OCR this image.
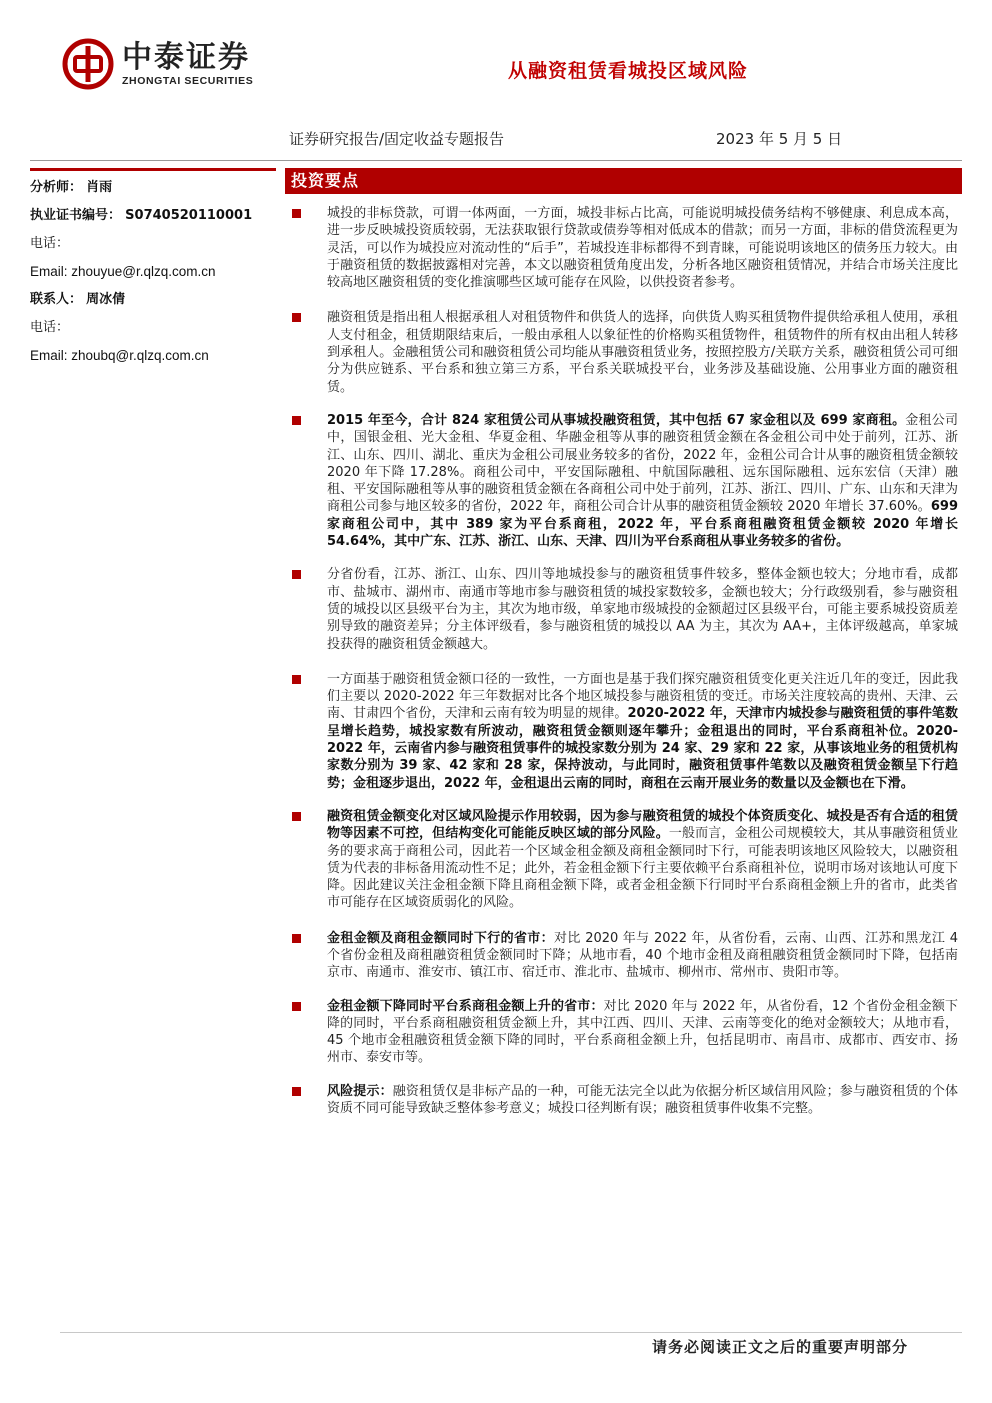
中泰证券
ZHONGTAI SECURITIES	从融资租赁看城投区域风险
证券研究报告/固定收益专题报告	2023 年 5 月 5 日
分析师： 肖雨
执业证书编号： S0740520110001
电话：
Email: zhouyue@r.qlzq.com.cn
联系人： 周冰倩
电话：
Email: zhoubq@r.qlzq.com.cn
投资要点
城投的非标贷款，可谓一体两面，一方面，城投非标占比高，可能说明城投债务结构不够健康、利息成本高，进一步反映城投资质较弱，无法获取银行贷款或债券等相对低成本的借款；而另一方面，非标的借贷流程更为灵活，可以作为城投应对流动性的“后手”，若城投连非标都得不到青睐，可能说明该地区的债务压力较大。由于融资租赁的数据披露相对完善，本文以融资租赁角度出发，分析各地区融资租赁情况，并结合市场关注度比较高地区融资租赁的变化推演哪些区域可能存在风险，以供投资者参考。
融资租赁是指出租人根据承租人对租赁物件和供货人的选择，向供货人购买租赁物件提供给承租人使用，承租人支付租金，租赁期限结束后，一般由承租人以象征性的价格购买租赁物件，租赁物件的所有权由出租人转移到承租人。金融租赁公司和融资租赁公司均能从事融资租赁业务，按照控股方/关联方关系，融资租赁公司可细分为供应链系、平台系和独立第三方系，平台系关联城投平台，业务涉及基础设施、公用事业方面的融资租赁。
2015 年至今，合计 824 家租赁公司从事城投融资租赁，其中包括 67 家金租以及 699 家商租。金租公司中，国银金租、光大金租、华夏金租、华融金租等从事的融资租赁金额在各金租公司中处于前列，江苏、浙江、山东、四川、湖北、重庆为金租公司展业务较多的省份，2022 年，金租公司合计从事的融资租赁金额较 2020 年下降 17.28%。商租公司中，平安国际融租、中航国际融租、远东国际融租、远东宏信（天津）融租、平安国际融租等从事的融资租赁金额在各商租公司中处于前列，江苏、浙江、四川、广东、山东和天津为商租公司参与地区较多的省份，2022 年，商租公司合计从事的融资租赁金额较 2020 年增长 37.60%。699 家商租公司中，其中 389 家为平台系商租，2022 年，平台系商租融资租赁金额较 2020 年增长 54.64%，其中广东、江苏、浙江、山东、天津、四川为平台系商租从事业务较多的省份。
分省份看，江苏、浙江、山东、四川等地城投参与的融资租赁事件较多，整体金额也较大；分地市看，成都市、盐城市、湖州市、南通市等地市参与融资租赁的城投家数较多，金额也较大；分行政级别看，参与融资租赁的城投以区县级平台为主，其次为地市级，单家地市级城投的金额超过区县级平台，可能主要系城投资质差别导致的融资差异；分主体评级看，参与融资租赁的城投以 AA 为主，其次为 AA+，主体评级越高，单家城投获得的融资租赁金额越大。
一方面基于融资租赁金额口径的一致性，一方面也是基于我们探究融资租赁变化更关注近几年的变迁，因此我们主要以 2020-2022 年三年数据对比各个地区城投参与融资租赁的变迁。市场关注度较高的贵州、天津、云南、甘肃四个省份，天津和云南有较为明显的规律。2020-2022 年，天津市内城投参与融资租赁的事件笔数呈增长趋势，城投家数有所波动，融资租赁金额则逐年攀升；金租退出的同时，平台系商租补位。2020-2022 年，云南省内参与融资租赁事件的城投家数分别为 24 家、29 家和 22 家，从事该地业务的租赁机构家数分别为 39 家、42 家和 28 家，保持波动，与此同时，融资租赁事件笔数以及融资租赁金额呈下行趋势；金租逐步退出，2022 年，金租退出云南的同时，商租在云南开展业务的数量以及金额也在下滑。
融资租赁金额变化对区域风险提示作用较弱，因为参与融资租赁的城投个体资质变化、城投是否有合适的租赁物等因素不可控，但结构变化可能能反映区域的部分风险。一般而言，金租公司规模较大，其从事融资租赁业务的要求高于商租公司，因此若一个区域金租金额及商租金额同时下行，可能表明该地区风险较大，以融资租赁为代表的非标备用流动性不足；此外，若金租金额下行主要依赖平台系商租补位，说明市场对该地认可度下降。因此建议关注金租金额下降且商租金额下降，或者金租金额下行同时平台系商租金额上升的省市，此类省市可能存在区域资质弱化的风险。
金租金额及商租金额同时下行的省市：对比 2020 年与 2022 年，从省份看，云南、山西、江苏和黑龙江 4 个省份金租及商租融资租赁金额同时下降；从地市看，40 个地市金租及商租融资租赁金额同时下降，包括南京市、南通市、淮安市、镇江市、宿迁市、淮北市、盐城市、柳州市、常州市、贵阳市等。
金租金额下降同时平台系商租金额上升的省市：对比 2020 年与 2022 年，从省份看，12 个省份金租金额下降的同时，平台系商租融资租赁金额上升，其中江西、四川、天津、云南等变化的绝对金额较大；从地市看，45 个地市金租融资租赁金额下降的同时，平台系商租金额上升，包括昆明市、南昌市、成都市、西安市、扬州市、泰安市等。
风险提示：融资租赁仅是非标产品的一种，可能无法完全以此为依据分析区域信用风险；参与融资租赁的个体资质不同可能导致缺乏整体参考意义；城投口径判断有误；融资租赁事件收集不完整。
请务必阅读正文之后的重要声明部分
